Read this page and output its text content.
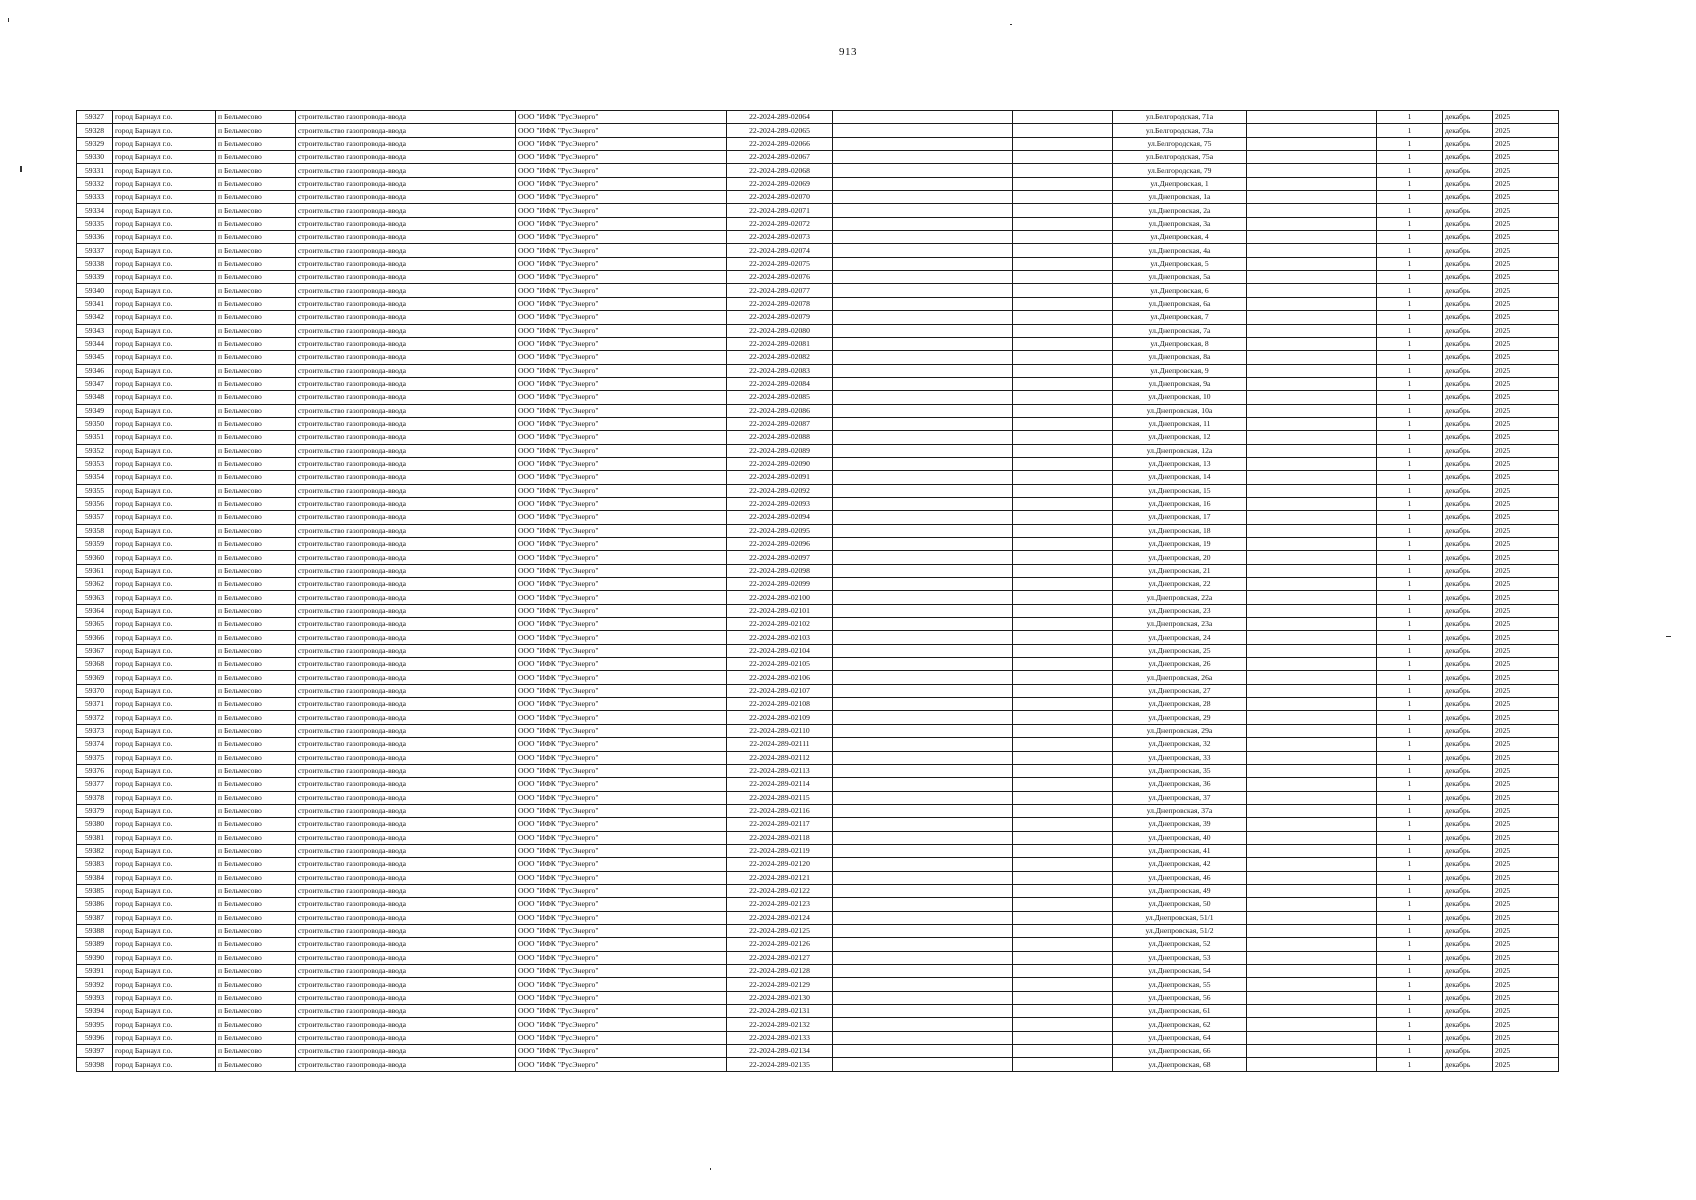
913
59327	город Барнаул г.о.	п Бельмесово	строительство газопровода-ввода	ООО "ИФК "РусЭнерго"	22-2024-289-02064			ул.Белгородская, 71а		1	декабрь	2025
59328	город Барнаул г.о.	п Бельмесово	строительство газопровода-ввода	ООО "ИФК "РусЭнерго"	22-2024-289-02065			ул.Белгородская, 73а		1	декабрь	2025
59329	город Барнаул г.о.	п Бельмесово	строительство газопровода-ввода	ООО "ИФК "РусЭнерго"	22-2024-289-02066			ул.Белгородская, 75		1	декабрь	2025
59330	город Барнаул г.о.	п Бельмесово	строительство газопровода-ввода	ООО "ИФК "РусЭнерго"	22-2024-289-02067			ул.Белгородская, 75а		1	декабрь	2025
59331	город Барнаул г.о.	п Бельмесово	строительство газопровода-ввода	ООО "ИФК "РусЭнерго"	22-2024-289-02068			ул.Белгородская, 79		1	декабрь	2025
59332	город Барнаул г.о.	п Бельмесово	строительство газопровода-ввода	ООО "ИФК "РусЭнерго"	22-2024-289-02069			ул.Днепровская, 1		1	декабрь	2025
59333	город Барнаул г.о.	п Бельмесово	строительство газопровода-ввода	ООО "ИФК "РусЭнерго"	22-2024-289-02070			ул.Днепровская, 1а		1	декабрь	2025
59334	город Барнаул г.о.	п Бельмесово	строительство газопровода-ввода	ООО "ИФК "РусЭнерго"	22-2024-289-02071			ул.Днепровская, 2а		1	декабрь	2025
59335	город Барнаул г.о.	п Бельмесово	строительство газопровода-ввода	ООО "ИФК "РусЭнерго"	22-2024-289-02072			ул.Днепровская, 3а		1	декабрь	2025
59336	город Барнаул г.о.	п Бельмесово	строительство газопровода-ввода	ООО "ИФК "РусЭнерго"	22-2024-289-02073			ул.Днепровская, 4		1	декабрь	2025
59337	город Барнаул г.о.	п Бельмесово	строительство газопровода-ввода	ООО "ИФК "РусЭнерго"	22-2024-289-02074			ул.Днепровская, 4а		1	декабрь	2025
59338	город Барнаул г.о.	п Бельмесово	строительство газопровода-ввода	ООО "ИФК "РусЭнерго"	22-2024-289-02075			ул.Днепровская, 5		1	декабрь	2025
59339	город Барнаул г.о.	п Бельмесово	строительство газопровода-ввода	ООО "ИФК "РусЭнерго"	22-2024-289-02076			ул.Днепровская, 5а		1	декабрь	2025
59340	город Барнаул г.о.	п Бельмесово	строительство газопровода-ввода	ООО "ИФК "РусЭнерго"	22-2024-289-02077			ул.Днепровская, 6		1	декабрь	2025
59341	город Барнаул г.о.	п Бельмесово	строительство газопровода-ввода	ООО "ИФК "РусЭнерго"	22-2024-289-02078			ул.Днепровская, 6а		1	декабрь	2025
59342	город Барнаул г.о.	п Бельмесово	строительство газопровода-ввода	ООО "ИФК "РусЭнерго"	22-2024-289-02079			ул.Днепровская, 7		1	декабрь	2025
59343	город Барнаул г.о.	п Бельмесово	строительство газопровода-ввода	ООО "ИФК "РусЭнерго"	22-2024-289-02080			ул.Днепровская, 7а		1	декабрь	2025
59344	город Барнаул г.о.	п Бельмесово	строительство газопровода-ввода	ООО "ИФК "РусЭнерго"	22-2024-289-02081			ул.Днепровская, 8		1	декабрь	2025
59345	город Барнаул г.о.	п Бельмесово	строительство газопровода-ввода	ООО "ИФК "РусЭнерго"	22-2024-289-02082			ул.Днепровская, 8а		1	декабрь	2025
59346	город Барнаул г.о.	п Бельмесово	строительство газопровода-ввода	ООО "ИФК "РусЭнерго"	22-2024-289-02083			ул.Днепровская, 9		1	декабрь	2025
59347	город Барнаул г.о.	п Бельмесово	строительство газопровода-ввода	ООО "ИФК "РусЭнерго"	22-2024-289-02084			ул.Днепровская, 9а		1	декабрь	2025
59348	город Барнаул г.о.	п Бельмесово	строительство газопровода-ввода	ООО "ИФК "РусЭнерго"	22-2024-289-02085			ул.Днепровская, 10		1	декабрь	2025
59349	город Барнаул г.о.	п Бельмесово	строительство газопровода-ввода	ООО "ИФК "РусЭнерго"	22-2024-289-02086			ул.Днепровская, 10а		1	декабрь	2025
59350	город Барнаул г.о.	п Бельмесово	строительство газопровода-ввода	ООО "ИФК "РусЭнерго"	22-2024-289-02087			ул.Днепровская, 11		1	декабрь	2025
59351	город Барнаул г.о.	п Бельмесово	строительство газопровода-ввода	ООО "ИФК "РусЭнерго"	22-2024-289-02088			ул.Днепровская, 12		1	декабрь	2025
59352	город Барнаул г.о.	п Бельмесово	строительство газопровода-ввода	ООО "ИФК "РусЭнерго"	22-2024-289-02089			ул.Днепровская, 12а		1	декабрь	2025
59353	город Барнаул г.о.	п Бельмесово	строительство газопровода-ввода	ООО "ИФК "РусЭнерго"	22-2024-289-02090			ул.Днепровская, 13		1	декабрь	2025
59354	город Барнаул г.о.	п Бельмесово	строительство газопровода-ввода	ООО "ИФК "РусЭнерго"	22-2024-289-02091			ул.Днепровская, 14		1	декабрь	2025
59355	город Барнаул г.о.	п Бельмесово	строительство газопровода-ввода	ООО "ИФК "РусЭнерго"	22-2024-289-02092			ул.Днепровская, 15		1	декабрь	2025
59356	город Барнаул г.о.	п Бельмесово	строительство газопровода-ввода	ООО "ИФК "РусЭнерго"	22-2024-289-02093			ул.Днепровская, 16		1	декабрь	2025
59357	город Барнаул г.о.	п Бельмесово	строительство газопровода-ввода	ООО "ИФК "РусЭнерго"	22-2024-289-02094			ул.Днепровская, 17		1	декабрь	2025
59358	город Барнаул г.о.	п Бельмесово	строительство газопровода-ввода	ООО "ИФК "РусЭнерго"	22-2024-289-02095			ул.Днепровская, 18		1	декабрь	2025
59359	город Барнаул г.о.	п Бельмесово	строительство газопровода-ввода	ООО "ИФК "РусЭнерго"	22-2024-289-02096			ул.Днепровская, 19		1	декабрь	2025
59360	город Барнаул г.о.	п Бельмесово	строительство газопровода-ввода	ООО "ИФК "РусЭнерго"	22-2024-289-02097			ул.Днепровская, 20		1	декабрь	2025
59361	город Барнаул г.о.	п Бельмесово	строительство газопровода-ввода	ООО "ИФК "РусЭнерго"	22-2024-289-02098			ул.Днепровская, 21		1	декабрь	2025
59362	город Барнаул г.о.	п Бельмесово	строительство газопровода-ввода	ООО "ИФК "РусЭнерго"	22-2024-289-02099			ул.Днепровская, 22		1	декабрь	2025
59363	город Барнаул г.о.	п Бельмесово	строительство газопровода-ввода	ООО "ИФК "РусЭнерго"	22-2024-289-02100			ул.Днепровская, 22а		1	декабрь	2025
59364	город Барнаул г.о.	п Бельмесово	строительство газопровода-ввода	ООО "ИФК "РусЭнерго"	22-2024-289-02101			ул.Днепровская, 23		1	декабрь	2025
59365	город Барнаул г.о.	п Бельмесово	строительство газопровода-ввода	ООО "ИФК "РусЭнерго"	22-2024-289-02102			ул.Днепровская, 23а		1	декабрь	2025
59366	город Барнаул г.о.	п Бельмесово	строительство газопровода-ввода	ООО "ИФК "РусЭнерго"	22-2024-289-02103			ул.Днепровская, 24		1	декабрь	2025
59367	город Барнаул г.о.	п Бельмесово	строительство газопровода-ввода	ООО "ИФК "РусЭнерго"	22-2024-289-02104			ул.Днепровская, 25		1	декабрь	2025
59368	город Барнаул г.о.	п Бельмесово	строительство газопровода-ввода	ООО "ИФК "РусЭнерго"	22-2024-289-02105			ул.Днепровская, 26		1	декабрь	2025
59369	город Барнаул г.о.	п Бельмесово	строительство газопровода-ввода	ООО "ИФК "РусЭнерго"	22-2024-289-02106			ул.Днепровская, 26а		1	декабрь	2025
59370	город Барнаул г.о.	п Бельмесово	строительство газопровода-ввода	ООО "ИФК "РусЭнерго"	22-2024-289-02107			ул.Днепровская, 27		1	декабрь	2025
59371	город Барнаул г.о.	п Бельмесово	строительство газопровода-ввода	ООО "ИФК "РусЭнерго"	22-2024-289-02108			ул.Днепровская, 28		1	декабрь	2025
59372	город Барнаул г.о.	п Бельмесово	строительство газопровода-ввода	ООО "ИФК "РусЭнерго"	22-2024-289-02109			ул.Днепровская, 29		1	декабрь	2025
59373	город Барнаул г.о.	п Бельмесово	строительство газопровода-ввода	ООО "ИФК "РусЭнерго"	22-2024-289-02110			ул.Днепровская, 29а		1	декабрь	2025
59374	город Барнаул г.о.	п Бельмесово	строительство газопровода-ввода	ООО "ИФК "РусЭнерго"	22-2024-289-02111			ул.Днепровская, 32		1	декабрь	2025
59375	город Барнаул г.о.	п Бельмесово	строительство газопровода-ввода	ООО "ИФК "РусЭнерго"	22-2024-289-02112			ул.Днепровская, 33		1	декабрь	2025
59376	город Барнаул г.о.	п Бельмесово	строительство газопровода-ввода	ООО "ИФК "РусЭнерго"	22-2024-289-02113			ул.Днепровская, 35		1	декабрь	2025
59377	город Барнаул г.о.	п Бельмесово	строительство газопровода-ввода	ООО "ИФК "РусЭнерго"	22-2024-289-02114			ул.Днепровская, 36		1	декабрь	2025
59378	город Барнаул г.о.	п Бельмесово	строительство газопровода-ввода	ООО "ИФК "РусЭнерго"	22-2024-289-02115			ул.Днепровская, 37		1	декабрь	2025
59379	город Барнаул г.о.	п Бельмесово	строительство газопровода-ввода	ООО "ИФК "РусЭнерго"	22-2024-289-02116			ул.Днепровская, 37а		1	декабрь	2025
59380	город Барнаул г.о.	п Бельмесово	строительство газопровода-ввода	ООО "ИФК "РусЭнерго"	22-2024-289-02117			ул.Днепровская, 39		1	декабрь	2025
59381	город Барнаул г.о.	п Бельмесово	строительство газопровода-ввода	ООО "ИФК "РусЭнерго"	22-2024-289-02118			ул.Днепровская, 40		1	декабрь	2025
59382	город Барнаул г.о.	п Бельмесово	строительство газопровода-ввода	ООО "ИФК "РусЭнерго"	22-2024-289-02119			ул.Днепровская, 41		1	декабрь	2025
59383	город Барнаул г.о.	п Бельмесово	строительство газопровода-ввода	ООО "ИФК "РусЭнерго"	22-2024-289-02120			ул.Днепровская, 42		1	декабрь	2025
59384	город Барнаул г.о.	п Бельмесово	строительство газопровода-ввода	ООО "ИФК "РусЭнерго"	22-2024-289-02121			ул.Днепровская, 46		1	декабрь	2025
59385	город Барнаул г.о.	п Бельмесово	строительство газопровода-ввода	ООО "ИФК "РусЭнерго"	22-2024-289-02122			ул.Днепровская, 49		1	декабрь	2025
59386	город Барнаул г.о.	п Бельмесово	строительство газопровода-ввода	ООО "ИФК "РусЭнерго"	22-2024-289-02123			ул.Днепровская, 50		1	декабрь	2025
59387	город Барнаул г.о.	п Бельмесово	строительство газопровода-ввода	ООО "ИФК "РусЭнерго"	22-2024-289-02124			ул.Днепровская, 51/1		1	декабрь	2025
59388	город Барнаул г.о.	п Бельмесово	строительство газопровода-ввода	ООО "ИФК "РусЭнерго"	22-2024-289-02125			ул.Днепровская, 51/2		1	декабрь	2025
59389	город Барнаул г.о.	п Бельмесово	строительство газопровода-ввода	ООО "ИФК "РусЭнерго"	22-2024-289-02126			ул.Днепровская, 52		1	декабрь	2025
59390	город Барнаул г.о.	п Бельмесово	строительство газопровода-ввода	ООО "ИФК "РусЭнерго"	22-2024-289-02127			ул.Днепровская, 53		1	декабрь	2025
59391	город Барнаул г.о.	п Бельмесово	строительство газопровода-ввода	ООО "ИФК "РусЭнерго"	22-2024-289-02128			ул.Днепровская, 54		1	декабрь	2025
59392	город Барнаул г.о.	п Бельмесово	строительство газопровода-ввода	ООО "ИФК "РусЭнерго"	22-2024-289-02129			ул.Днепровская, 55		1	декабрь	2025
59393	город Барнаул г.о.	п Бельмесово	строительство газопровода-ввода	ООО "ИФК "РусЭнерго"	22-2024-289-02130			ул.Днепровская, 56		1	декабрь	2025
59394	город Барнаул г.о.	п Бельмесово	строительство газопровода-ввода	ООО "ИФК "РусЭнерго"	22-2024-289-02131			ул.Днепровская, 61		1	декабрь	2025
59395	город Барнаул г.о.	п Бельмесово	строительство газопровода-ввода	ООО "ИФК "РусЭнерго"	22-2024-289-02132			ул.Днепровская, 62		1	декабрь	2025
59396	город Барнаул г.о.	п Бельмесово	строительство газопровода-ввода	ООО "ИФК "РусЭнерго"	22-2024-289-02133			ул.Днепровская, 64		1	декабрь	2025
59397	город Барнаул г.о.	п Бельмесово	строительство газопровода-ввода	ООО "ИФК "РусЭнерго"	22-2024-289-02134			ул.Днепровская, 66		1	декабрь	2025
59398	город Барнаул г.о.	п Бельмесово	строительство газопровода-ввода	ООО "ИФК "РусЭнерго"	22-2024-289-02135			ул.Днепровская, 68		1	декабрь	2025
